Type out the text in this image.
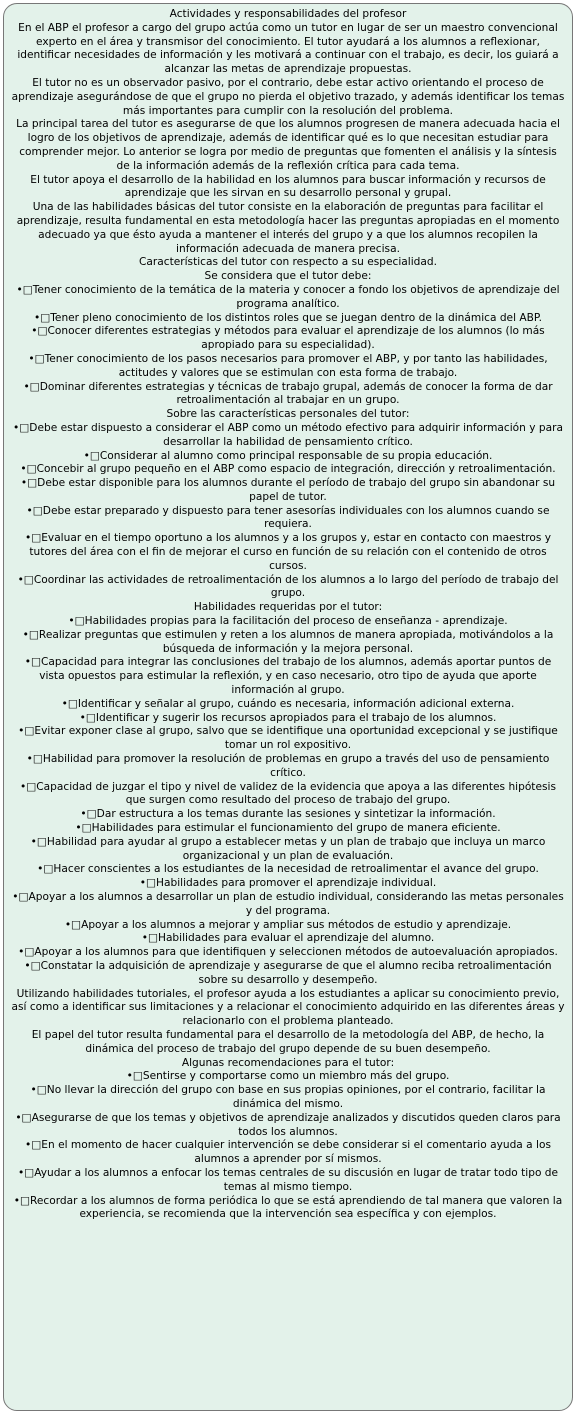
Actividades y responsabilidades del profesor

En el ABP el profesor a cargo del grupo actúa como un tutor en lugar de ser un maestro convencional experto en el área y transmisor del conocimiento. El tutor ayudará a los alumnos a reflexionar, identificar necesidades de información y les motivará a continuar con el trabajo, es decir, los guiará a alcanzar las metas de aprendizaje propuestas.

El tutor no es un observador pasivo, por el contrario, debe estar activo orientando el proceso de aprendizaje asegurándose de que el grupo no pierda el objetivo trazado, y además identificar los temas más importantes para cumplir con la resolución del problema.

La principal tarea del tutor es asegurarse de que los alumnos progresen de manera adecuada hacia el logro de los objetivos de aprendizaje, además de identificar qué es lo que necesitan estudiar para comprender mejor. Lo anterior se logra por medio de preguntas que fomenten el análisis y la síntesis de la información además de la reflexión crítica para cada tema.

El tutor apoya el desarrollo de la habilidad en los alumnos para buscar información y recursos de aprendizaje que les sirvan en su desarrollo personal y grupal.

Una de las habilidades básicas del tutor consiste en la elaboración de preguntas para facilitar el aprendizaje, resulta fundamental en esta metodología hacer las preguntas apropiadas en el momento adecuado ya que ésto ayuda a mantener el interés del grupo y a que los alumnos recopilen la información adecuada de manera precisa.

Características del tutor con respecto a su especialidad.

Se considera que el tutor debe:

•□Tener conocimiento de la temática de la materia y conocer a fondo los objetivos de aprendizaje del programa analítico.

•□Tener pleno conocimiento de los distintos roles que se juegan dentro de la dinámica del ABP.

•□Conocer diferentes estrategias y métodos para evaluar el aprendizaje de los alumnos (lo más apropiado para su especialidad).

•□Tener conocimiento de los pasos necesarios para promover el ABP, y por tanto las habilidades, actitudes y valores que se estimulan con esta forma de trabajo.

•□Dominar diferentes estrategias y técnicas de trabajo grupal, además de conocer la forma de dar retroalimentación al trabajar en un grupo.

Sobre las características personales del tutor:

•□Debe estar dispuesto a considerar el ABP como un método efectivo para adquirir información y para desarrollar la habilidad de pensamiento crítico.

•□Considerar al alumno como principal responsable de su propia educación.

•□Concebir al grupo pequeño en el ABP como espacio de integración, dirección y retroalimentación.

•□Debe estar disponible para los alumnos durante el período de trabajo del grupo sin abandonar su papel de tutor.

•□Debe estar preparado y dispuesto para tener asesorías individuales con los alumnos cuando se requiera.

•□Evaluar en el tiempo oportuno a los alumnos y a los grupos y, estar en contacto con maestros y tutores del área con el fin de mejorar el curso en función de su relación con el contenido de otros cursos.

•□Coordinar las actividades de retroalimentación de los alumnos a lo largo del período de trabajo del grupo.

Habilidades requeridas por el tutor:

•□Habilidades propias para la facilitación del proceso de enseñanza - aprendizaje.

•□Realizar preguntas que estimulen y reten a los alumnos de manera apropiada, motivándolos a la búsqueda de información y la mejora personal.

•□Capacidad para integrar las conclusiones del trabajo de los alumnos, además aportar puntos de vista opuestos para estimular la reflexión, y en caso necesario, otro tipo de ayuda que aporte información al grupo.

•□Identificar y señalar al grupo, cuándo es necesaria, información adicional externa.

•□Identificar y sugerir los recursos apropiados para el trabajo de los alumnos.

•□Evitar exponer clase al grupo, salvo que se identifique una oportunidad excepcional y se justifique tomar un rol expositivo.

•□Habilidad para promover la resolución de problemas en grupo a través del uso de pensamiento crítico.

•□Capacidad de juzgar el tipo y nivel de validez de la evidencia que apoya a las diferentes hipótesis que surgen como resultado del proceso de trabajo del grupo.

•□Dar estructura a los temas durante las sesiones y sintetizar la información.

•□Habilidades para estimular el funcionamiento del grupo de manera eficiente.

•□Habilidad para ayudar al grupo a establecer metas y un plan de trabajo que incluya un marco organizacional y un plan de evaluación.

•□Hacer conscientes a los estudiantes de la necesidad de retroalimentar el avance del grupo.

•□Habilidades para promover el aprendizaje individual.

•□Apoyar a los alumnos a desarrollar un plan de estudio individual, considerando las metas personales y del programa.

•□Apoyar a los alumnos a mejorar y ampliar sus métodos de estudio y aprendizaje.

•□Habilidades para evaluar el aprendizaje del alumno.

•□Apoyar a los alumnos para que identifiquen y seleccionen métodos de autoevaluación apropiados.

•□Constatar la adquisición de aprendizaje y asegurarse de que el alumno reciba retroalimentación sobre su desarrollo y desempeño.

Utilizando habilidades tutoriales, el profesor ayuda a los estudiantes a aplicar su conocimiento previo, así como a identificar sus limitaciones y a relacionar el conocimiento adquirido en las diferentes áreas y relacionarlo con el problema planteado.

El papel del tutor resulta fundamental para el desarrollo de la metodología del ABP, de hecho, la dinámica del proceso de trabajo del grupo depende de su buen desempeño.

Algunas recomendaciones para el tutor:

•□Sentirse y comportarse como un miembro más del grupo.

•□No llevar la dirección del grupo con base en sus propias opiniones, por el contrario, facilitar la dinámica del mismo.

•□Asegurarse de que los temas y objetivos de aprendizaje analizados y discutidos queden claros para todos los alumnos.

•□En el momento de hacer cualquier intervención se debe considerar si el comentario ayuda a los alumnos a aprender por sí mismos.

•□Ayudar a los alumnos a enfocar los temas centrales de su discusión en lugar de tratar todo tipo de temas al mismo tiempo.

•□Recordar a los alumnos de forma periódica lo que se está aprendiendo de tal manera que valoren la experiencia, se recomienda que la intervención sea específica y con ejemplos.
